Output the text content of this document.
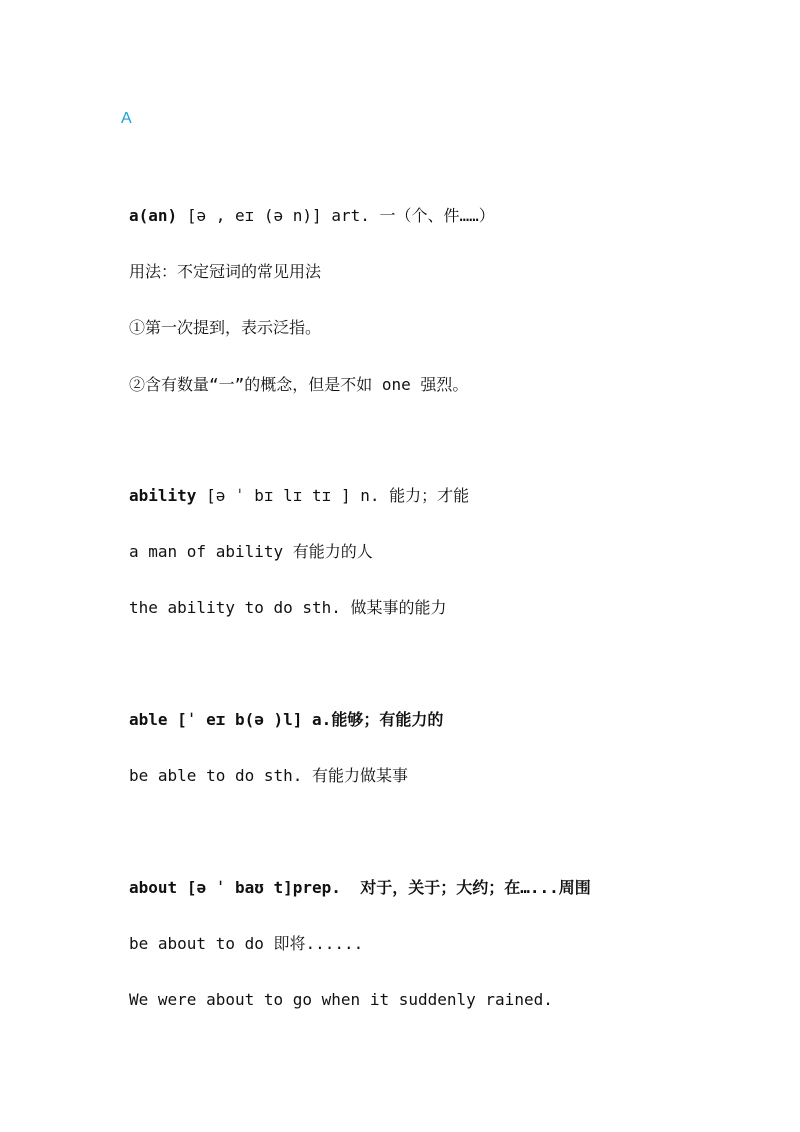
A
a(an) [ə , eɪ (ə n)] art. 一（个、件……）
用法：不定冠词的常见用法
①第一次提到，表示泛指。
②含有数量“一”的概念，但是不如 one 强烈。
ability [ə ˈ bɪ lɪ tɪ ] n. 能力；才能
a man of ability 有能力的人
the ability to do sth. 做某事的能力
able [ˈ eɪ b(ə )l] a.能够；有能力的
be able to do sth. 有能力做某事
about [ə ˈ baʊ t]prep. 对于，关于；大约；在…...周围
be about to do 即将......
We were about to go when it suddenly rained.
